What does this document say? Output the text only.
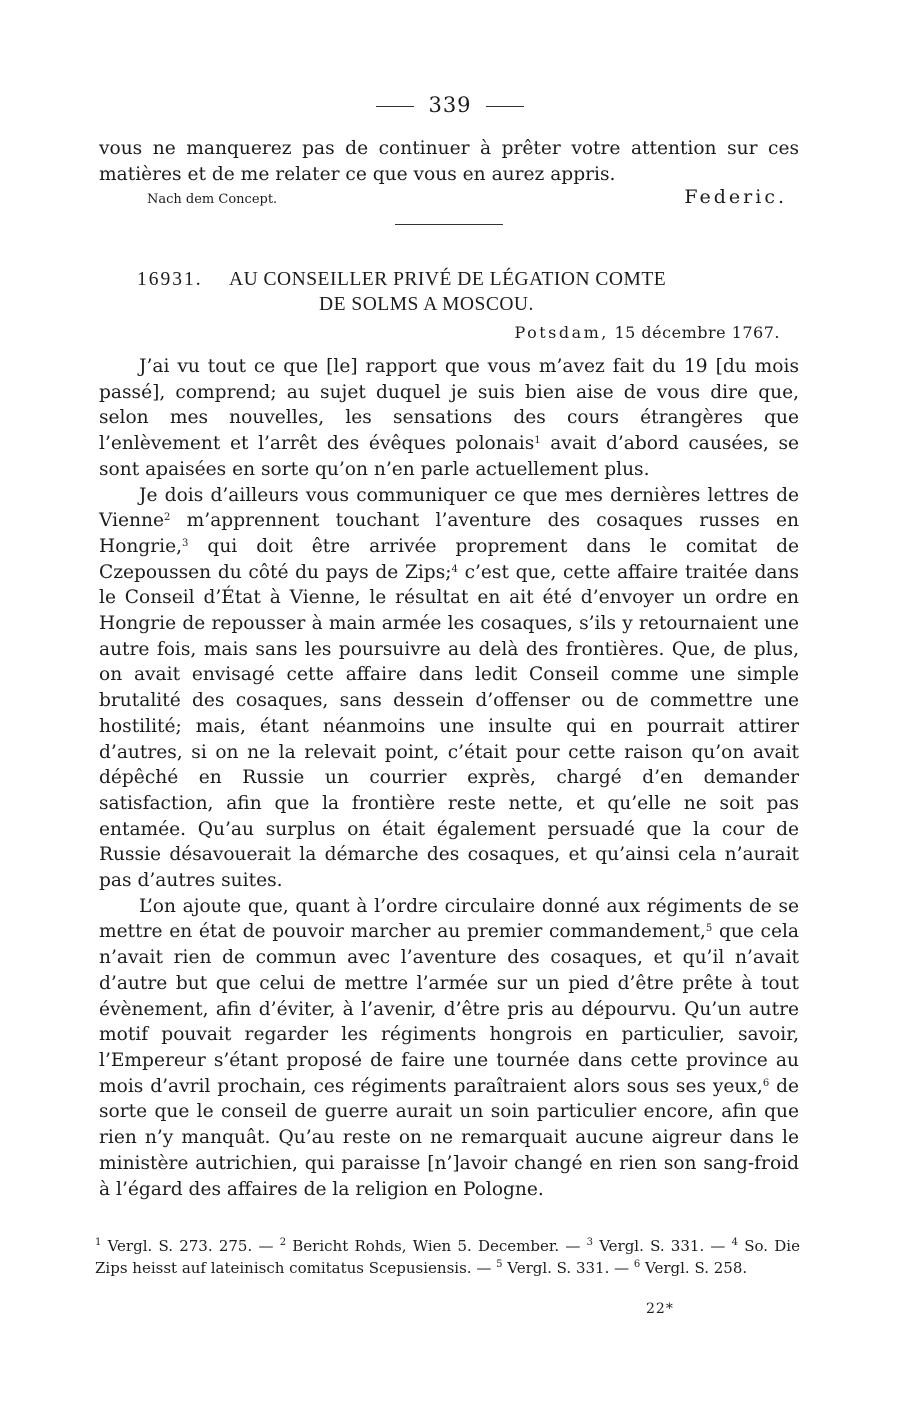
339

vous ne manquerez pas de continuer à prêter votre attention sur ces matières et de me relater ce que vous en aurez appris.

Nach dem Concept.	Federic.
16931. AU CONSEILLER PRIVÉ DE LÉGATION COMTE
DE SOLMS A MOSCOU.
Potsdam, 15 décembre 1767.

J’ai vu tout ce que [le] rapport que vous m’avez fait du 19 [du mois passé], comprend; au sujet duquel je suis bien aise de vous dire que, selon mes nouvelles, les sensations des cours étrangères que l’enlèvement et l’arrêt des évêques polonais$^1$ avait d’abord causées, se sont apaisées en sorte qu’on n’en parle actuellement plus.

Je dois d’ailleurs vous communiquer ce que mes dernières lettres de Vienne$^2$ m’apprennent touchant l’aventure des cosaques russes en Hongrie,$^3$ qui doit être arrivée proprement dans le comitat de Czepoussen du côté du pays de Zips;$^4$ c’est que, cette affaire traitée dans le Conseil d’État à Vienne, le résultat en ait été d’envoyer un ordre en Hongrie de repousser à main armée les cosaques, s’ils y retournaient une autre fois, mais sans les poursuivre au delà des frontières. Que, de plus, on avait envisagé cette affaire dans ledit Conseil comme une simple brutalité des cosaques, sans dessein d’offenser ou de commettre une hostilité; mais, étant néanmoins une insulte qui en pourrait attirer d’autres, si on ne la relevait point, c’était pour cette raison qu’on avait dépêché en Russie un courrier exprès, chargé d’en demander satisfaction, afin que la frontière reste nette, et qu’elle ne soit pas entamée. Qu’au surplus on était également persuadé que la cour de Russie désavouerait la démarche des cosaques, et qu’ainsi cela n’aurait pas d’autres suites.

L’on ajoute que, quant à l’ordre circulaire donné aux régiments de se mettre en état de pouvoir marcher au premier commandement,$^5$ que cela n’avait rien de commun avec l’aventure des cosaques, et qu’il n’avait d’autre but que celui de mettre l’armée sur un pied d’être prête à tout évènement, afin d’éviter, à l’avenir, d’être pris au dépourvu. Qu’un autre motif pouvait regarder les régiments hongrois en particulier, savoir, l’Empereur s’étant proposé de faire une tournée dans cette province au mois d’avril prochain, ces régiments paraîtraient alors sous ses yeux,$^6$ de sorte que le conseil de guerre aurait un soin particulier encore, afin que rien n’y manquât. Qu’au reste on ne remarquait aucune aigreur dans le ministère autrichien, qui paraisse [n’]avoir changé en rien son sang-froid à l’égard des affaires de la religion en Pologne.

$^1$ Vergl. S. 273. 275. — $^2$ Bericht Rohds, Wien 5. December. — $^3$ Vergl. S. 331. — $^4$ So. Die Zips heisst auf lateinisch comitatus Scepusiensis. — $^5$ Vergl. S. 331. — $^6$ Vergl. S. 258.

22*
